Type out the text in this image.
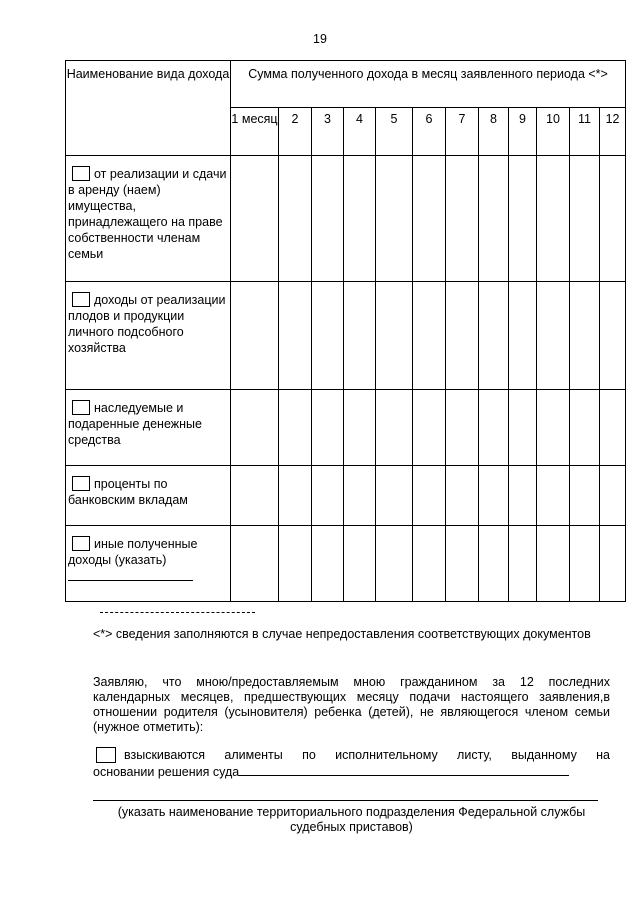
19
Наименование вида дохода	Сумма полученного дохода в месяц заявленного периода <*>											
	1 месяц	2	3	4	5	6	7	8	9	10	11	12
от реализации и сдачи в аренду (наем) имущества, принадлежащего на праве собственности членам семьи												
доходы от реализации плодов и продукции личного подсобного хозяйства												
наследуемые и подаренные денежные средства												
проценты по банковским вкладам												
иные полученные доходы (указать)

<*> сведения заполняются в случае непредоставления соответствующих документов
Заявляю, что мною/предоставляемым мною гражданином за 12 последних календарных месяцев, предшествующих месяцу подачи настоящего заявления,в отношении родителя (усыновителя) ребенка (детей), не являющегося членом семьи (нужное отметить):
взыскиваются алименты по исполнительному листу, выданному на
основании решения суда
(указать наименование территориального подразделения Федеральной службы судебных приставов)
